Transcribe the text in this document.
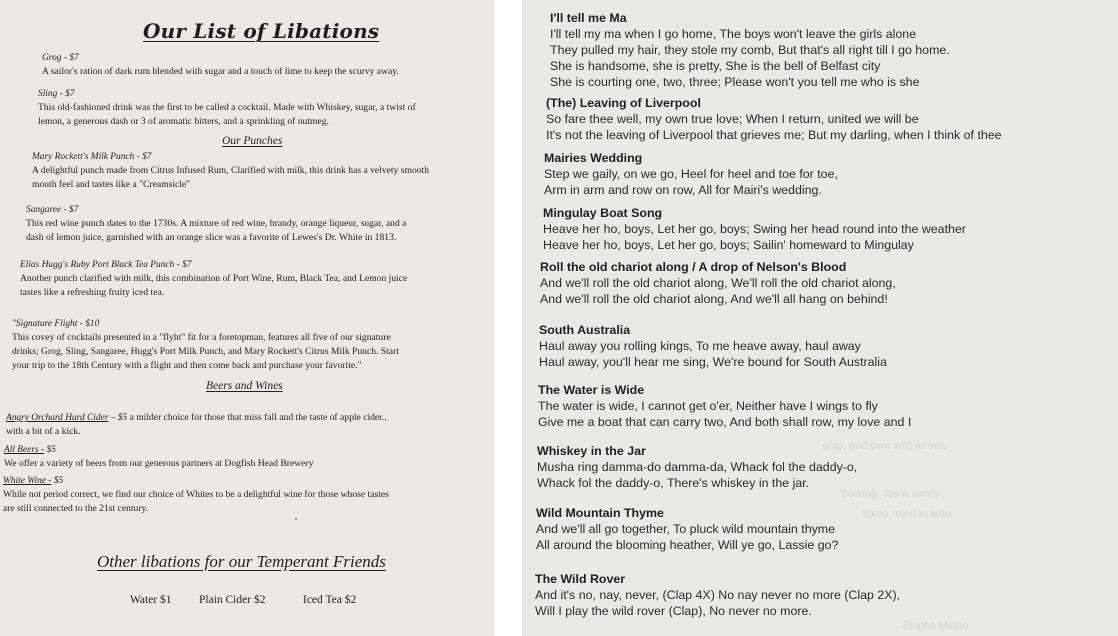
Our List of Libations
Grog - $7
A sailor's ration of dark rum blended with sugar and a touch of lime to keep the scurvy away.
Sling - $7
This old-fashioned drink was the first to be called a cocktail. Made with Whiskey, sugar, a twist of
lemon, a generous dash or 3 of aromatic bitters, and a sprinkling of nutmeg.
Our Punches
Mary Rockett's Milk Punch - $7
A delightful punch made from Citrus Infused Rum, Clarified with milk, this drink has a velvety smooth
mouth feel and tastes like a "Creamsicle"
Sangaree - $7
This red wine punch dates to the 1730s. A mixture of red wine, brandy, orange liqueur, sugar, and a
dash of lemon juice, garnished with an orange slice was a favorite of Lewes's Dr. White in 1813.
Elias Hugg's Ruby Port Black Tea Punch - $7
Another punch clarified with milk, this combination of Port Wine, Rum, Black Tea, and Lemon juice
tastes like a refreshing fruity iced tea.
"Signature Flight - $10
This covey of cocktails presented in a "flyht" fit for a foretopman, features all five of our signature
drinks; Grog, Sling, Sangaree, Hugg's Port Milk Punch, and Mary Rockett's Citrus Milk Punch. Start
your trip to the 18th Century with a flight and then come back and purchase your favorite."
Beers and Wines
Angry Orchard Hard Cider – $5 a milder choice for those that miss fall and the taste of apple cider..
with a bit of a kick.
All Beers - $5
We offer a variety of beers from our generous partners at Dogfish Head Brewery
White Wine - $5
While not period correct, we find our choice of Whites to be a delightful wine for those whose tastes
are still connected to the 21st century.
Other libations for our Temperant Friends
Water $1 Plain Cider $2	Iced Tea $2
ane oi ditw awo bna ,qirie
ylimst A eW .gniwod
emit ni bnim emos
enoiM sdgniS
I'll tell me Ma
I'll tell my ma when I go home, The boys won't leave the girls alone
They pulled my hair, they stole my comb, But that's all right till I go home.
She is handsome, she is pretty, She is the bell of Belfast city
She is courting one, two, three; Please won't you tell me who is she
(The) Leaving of Liverpool
So fare thee well, my own true love; When I return, united we will be
It's not the leaving of Liverpool that grieves me; But my darling, when I think of thee
Mairies Wedding
Step we gaily, on we go, Heel for heel and toe for toe,
Arm in arm and row on row, All for Mairi's wedding.
Mingulay Boat Song
Heave her ho, boys, Let her go, boys; Swing her head round into the weather
Heave her ho, boys, Let her go, boys; Sailin' homeward to Mingulay
Roll the old chariot along / A drop of Nelson's Blood
And we'll roll the old chariot along, We'll roll the old chariot along,
And we'll roll the old chariot along, And we'll all hang on behind!
South Australia
Haul away you rolling kings, To me heave away, haul away
Haul away, you'll hear me sing, We're bound for South Australia
The Water is Wide
The water is wide, I cannot get o'er, Neither have I wings to fly
Give me a boat that can carry two, And both shall row, my love and I
Whiskey in the Jar
Musha ring damma-do damma-da, Whack fol the daddy-o,
Whack fol the daddy-o, There's whiskey in the jar.
Wild Mountain Thyme
And we'll all go together, To pluck wild mountain thyme
All around the blooming heather, Will ye go, Lassie go?
The Wild Rover
And it's no, nay, never, (Clap 4X) No nay never no more (Clap 2X),
Will I play the wild rover (Clap), No never no more.
